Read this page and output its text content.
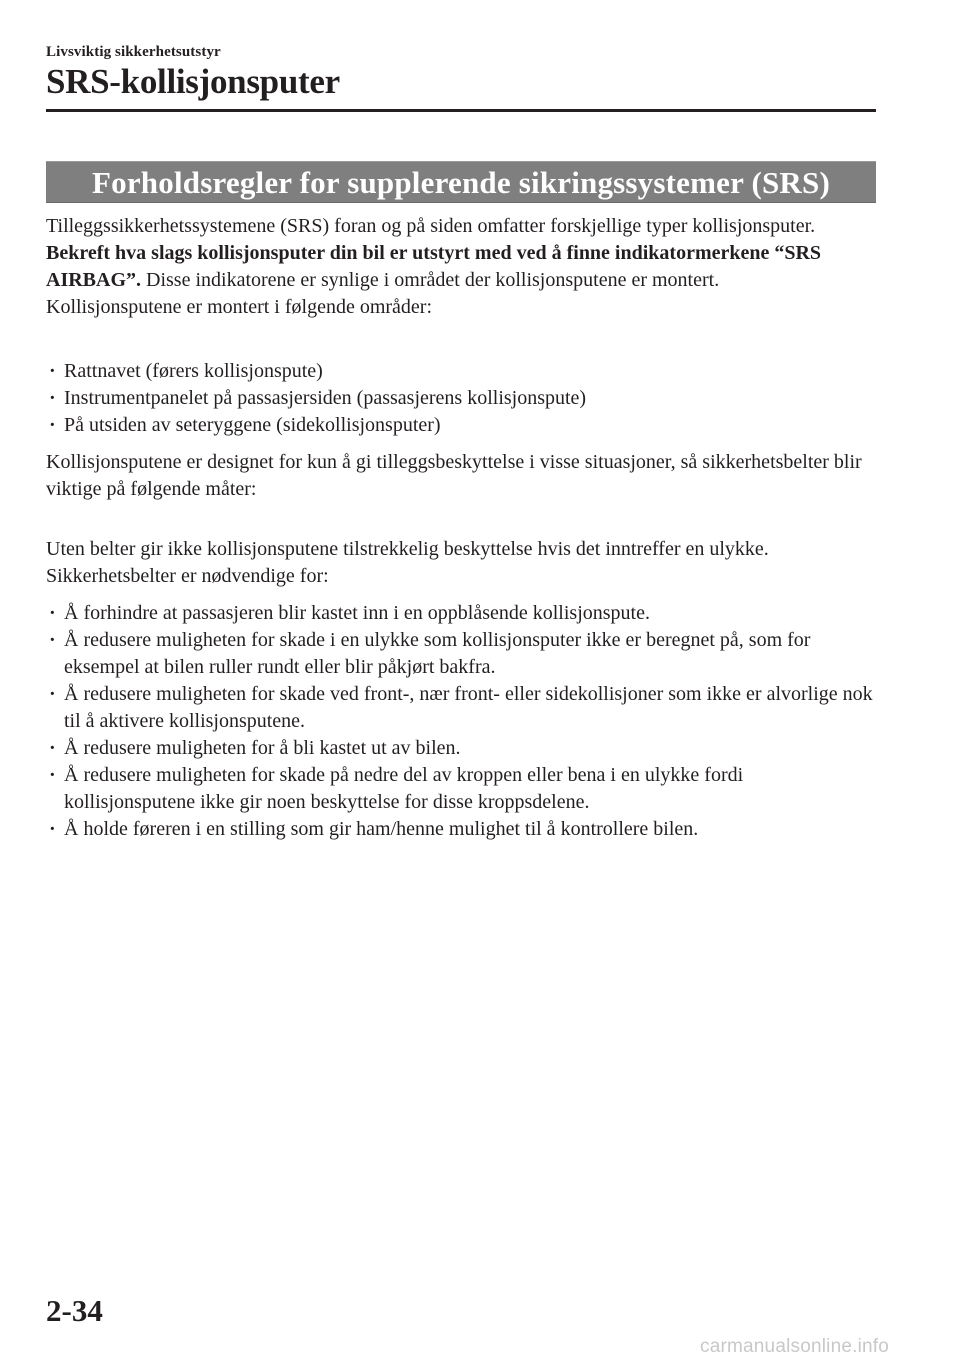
Livsviktig sikkerhetsutstyr
SRS-kollisjonsputer
Forholdsregler for supplerende sikringssystemer (SRS)

Tilleggssikkerhetssystemene (SRS) foran og på siden omfatter forskjellige typer kollisjonsputer. Bekreft hva slags kollisjonsputer din bil er utstyrt med ved å finne indikatormerkene “SRS AIRBAG”. Disse indikatorene er synlige i området der kollisjonsputene er montert.

Kollisjonsputene er montert i følgende områder:

· Rattnavet (førers kollisjonspute)
· Instrumentpanelet på passasjersiden (passasjerens kollisjonspute)
· På utsiden av seteryggene (sidekollisjonsputer)

Kollisjonsputene er designet for kun å gi tilleggsbeskyttelse i visse situasjoner, så sikkerhetsbelter blir viktige på følgende måter:

Uten belter gir ikke kollisjonsputene tilstrekkelig beskyttelse hvis det inntreffer en ulykke. Sikkerhetsbelter er nødvendige for:

· Å forhindre at passasjeren blir kastet inn i en oppblåsende kollisjonspute.
· Å redusere muligheten for skade i en ulykke som kollisjonsputer ikke er beregnet på, som for eksempel at bilen ruller rundt eller blir påkjørt bakfra.
· Å redusere muligheten for skade ved front-, nær front- eller sidekollisjoner som ikke er alvorlige nok til å aktivere kollisjonsputene.
· Å redusere muligheten for å bli kastet ut av bilen.
· Å redusere muligheten for skade på nedre del av kroppen eller bena i en ulykke fordi kollisjonsputene ikke gir noen beskyttelse for disse kroppsdelene.
· Å holde føreren i en stilling som gir ham/henne mulighet til å kontrollere bilen.
2-34
carmanualsonline.info
